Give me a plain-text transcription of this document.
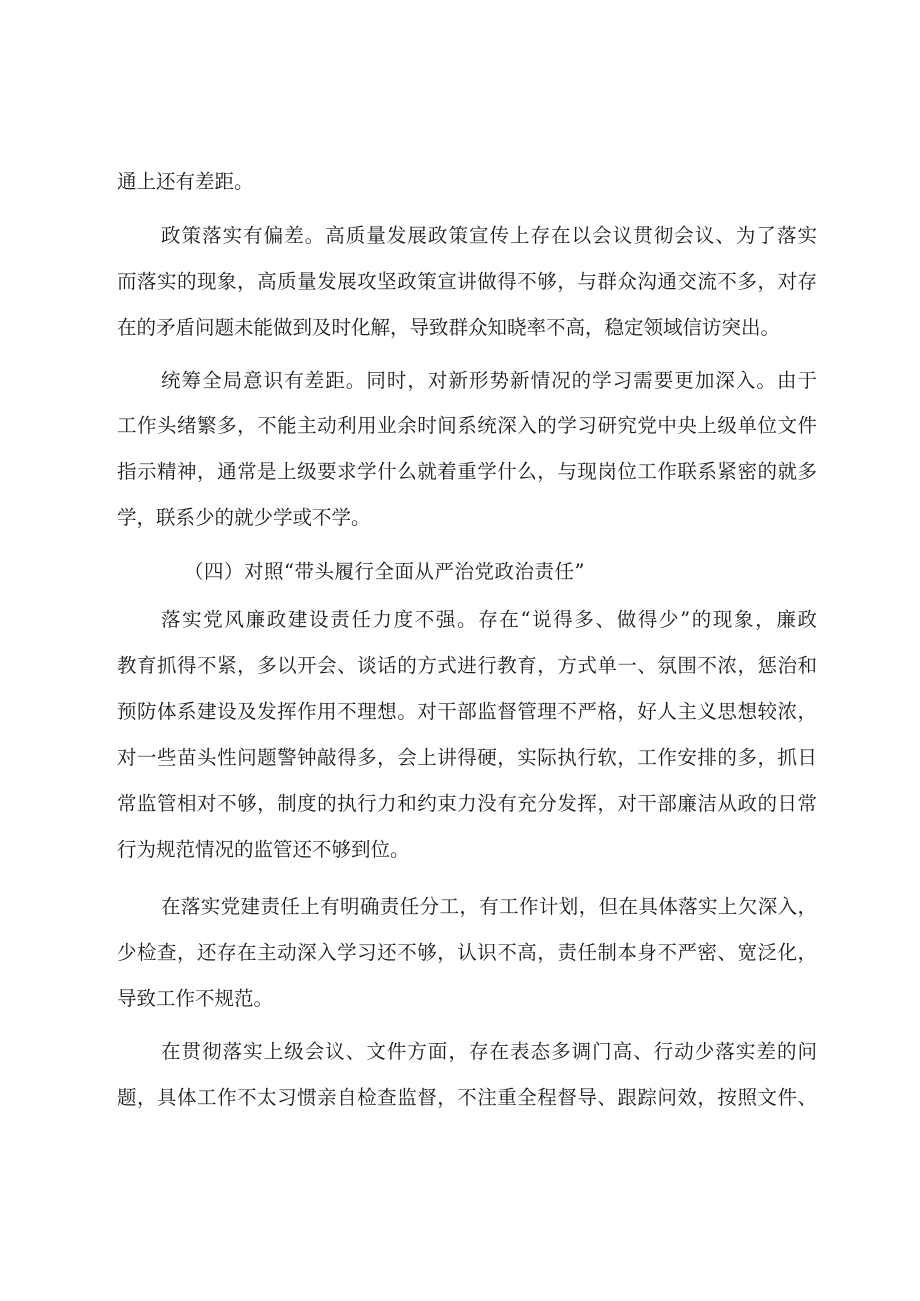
通上还有差距。
政策落实有偏差。高质量发展政策宣传上存在以会议贯彻会议、为了落实
而落实的现象，高质量发展攻坚政策宣讲做得不够，与群众沟通交流不多，对存
在的矛盾问题未能做到及时化解，导致群众知晓率不高，稳定领域信访突出。
统筹全局意识有差距。同时，对新形势新情况的学习需要更加深入。由于
工作头绪繁多，不能主动利用业余时间系统深入的学习研究党中央上级单位文件
指示精神，通常是上级要求学什么就着重学什么，与现岗位工作联系紧密的就多
学，联系少的就少学或不学。
（四）对照“带头履行全面从严治党政治责任”
落实党风廉政建设责任力度不强。存在“说得多、做得少”的现象，廉政
教育抓得不紧，多以开会、谈话的方式进行教育，方式单一、氛围不浓，惩治和
预防体系建设及发挥作用不理想。对干部监督管理不严格，好人主义思想较浓，
对一些苗头性问题警钟敲得多，会上讲得硬，实际执行软，工作安排的多，抓日
常监管相对不够，制度的执行力和约束力没有充分发挥，对干部廉洁从政的日常
行为规范情况的监管还不够到位。
在落实党建责任上有明确责任分工，有工作计划，但在具体落实上欠深入，
少检查，还存在主动深入学习还不够，认识不高，责任制本身不严密、宽泛化，
导致工作不规范。
在贯彻落实上级会议、文件方面，存在表态多调门高、行动少落实差的问
题，具体工作不太习惯亲自检查监督，不注重全程督导、跟踪问效，按照文件、
